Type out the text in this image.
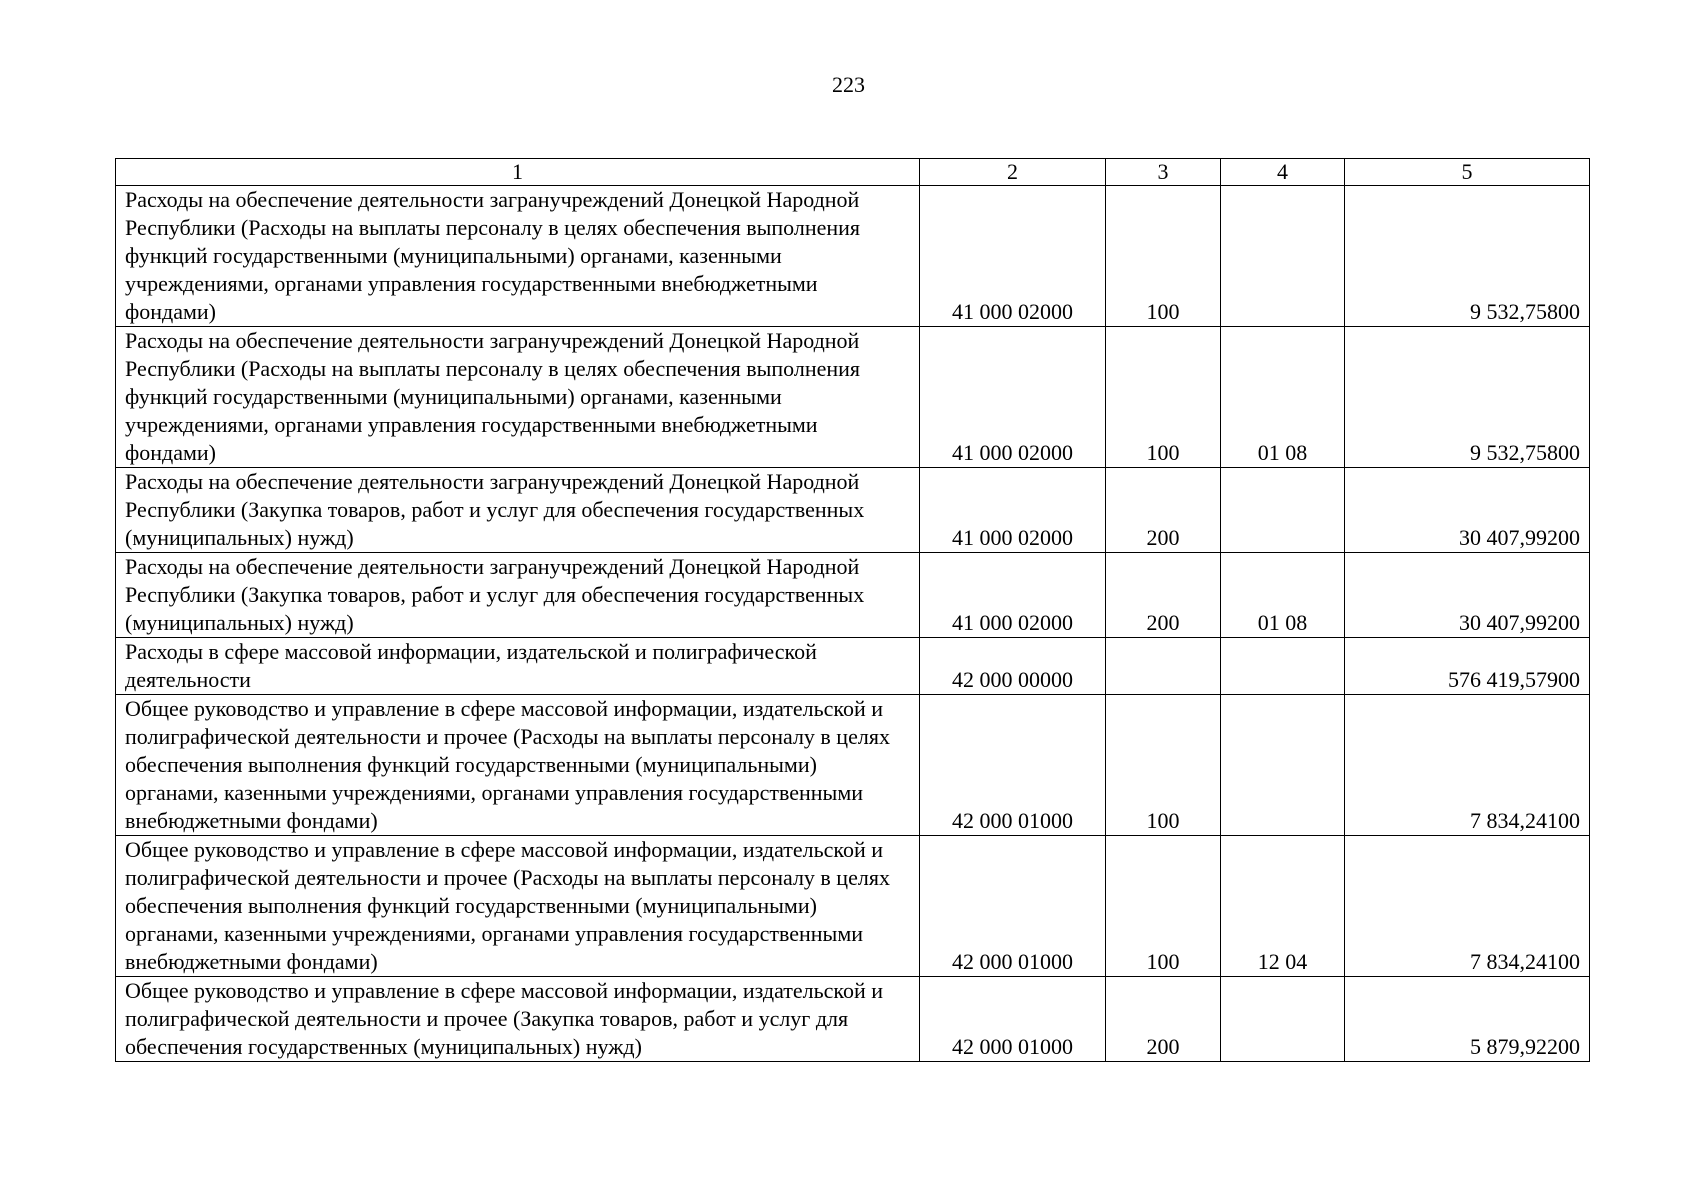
223
1	2	3	4	5
Расходы на обеспечение деятельности загранучреждений Донецкой Народной Республики (Расходы на выплаты персоналу в целях обеспечения выполнения функций государственными (муниципальными) органами, казенными учреждениями, органами управления государственными внебюджетными фондами)	41 000 02000	100		9 532,75800
Расходы на обеспечение деятельности загранучреждений Донецкой Народной Республики (Расходы на выплаты персоналу в целях обеспечения выполнения функций государственными (муниципальными) органами, казенными учреждениями, органами управления государственными внебюджетными фондами)	41 000 02000	100	01 08	9 532,75800
Расходы на обеспечение деятельности загранучреждений Донецкой Народной Республики (Закупка товаров, работ и услуг для обеспечения государственных (муниципальных) нужд)	41 000 02000	200		30 407,99200
Расходы на обеспечение деятельности загранучреждений Донецкой Народной Республики (Закупка товаров, работ и услуг для обеспечения государственных (муниципальных) нужд)	41 000 02000	200	01 08	30 407,99200
Расходы в сфере массовой информации, издательской и полиграфической деятельности	42 000 00000			576 419,57900
Общее руководство и управление в сфере массовой информации, издательской и полиграфической деятельности и прочее (Расходы на выплаты персоналу в целях обеспечения выполнения функций государственными (муниципальными) органами, казенными учреждениями, органами управления государственными внебюджетными фондами)	42 000 01000	100		7 834,24100
Общее руководство и управление в сфере массовой информации, издательской и полиграфической деятельности и прочее (Расходы на выплаты персоналу в целях обеспечения выполнения функций государственными (муниципальными) органами, казенными учреждениями, органами управления государственными внебюджетными фондами)	42 000 01000	100	12 04	7 834,24100
Общее руководство и управление в сфере массовой информации, издательской и полиграфической деятельности и прочее (Закупка товаров, работ и услуг для обеспечения государственных (муниципальных) нужд)	42 000 01000	200		5 879,92200
